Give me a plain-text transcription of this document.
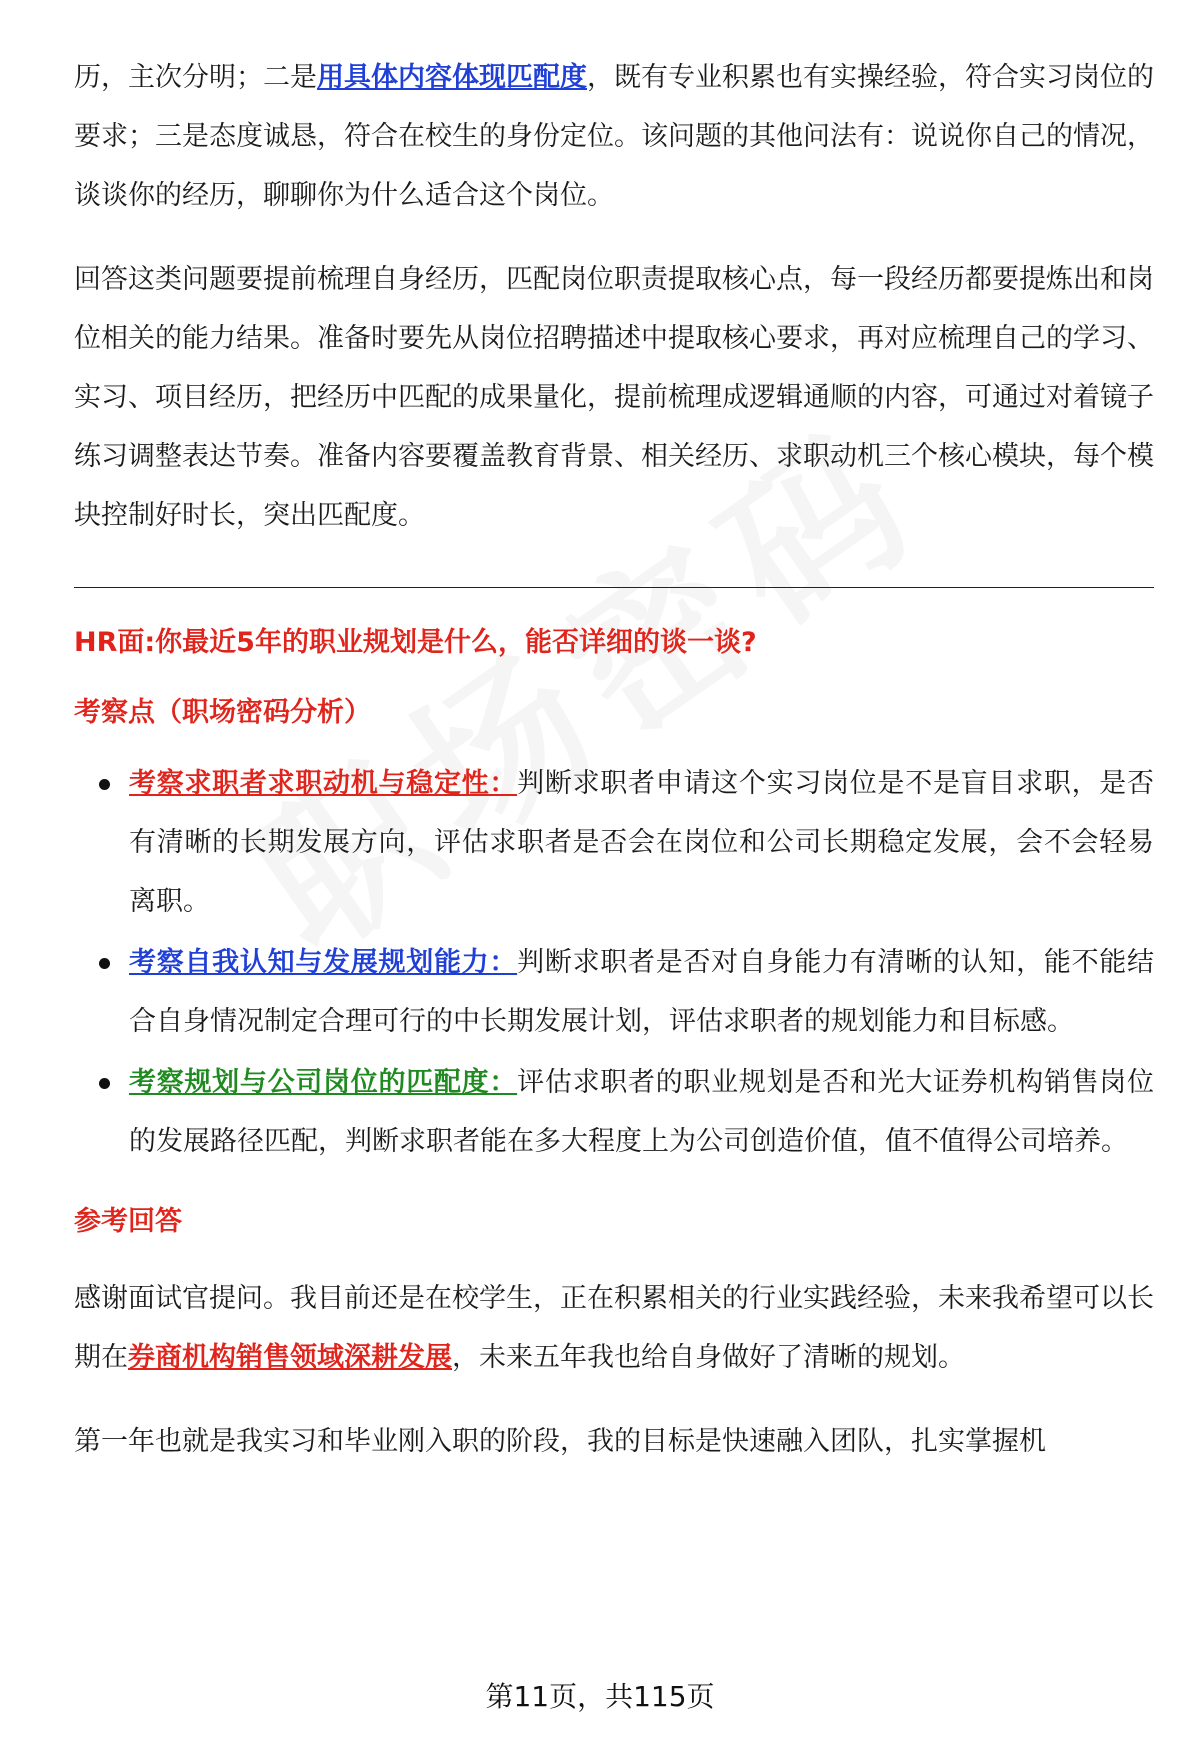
历，主次分明；二是用具体内容体现匹配度，既有专业积累也有实操经验，符合实习岗位的要求；三是态度诚恳，符合在校生的身份定位。该问题的其他问法有：说说你自己的情况，谈谈你的经历，聊聊你为什么适合这个岗位。

回答这类问题要提前梳理自身经历，匹配岗位职责提取核心点，每一段经历都要提炼出和岗位相关的能力结果。准备时要先从岗位招聘描述中提取核心要求，再对应梳理自己的学习、实习、项目经历，把经历中匹配的成果量化，提前梳理成逻辑通顺的内容，可通过对着镜子练习调整表达节奏。准备内容要覆盖教育背景、相关经历、求职动机三个核心模块，每个模块控制好时长，突出匹配度。

HR面:你最近5年的职业规划是什么，能否详细的谈一谈?

考察点（职场密码分析）

考察求职者求职动机与稳定性：判断求职者申请这个实习岗位是不是盲目求职，是否有清晰的长期发展方向，评估求职者是否会在岗位和公司长期稳定发展，会不会轻易离职。
考察自我认知与发展规划能力：判断求职者是否对自身能力有清晰的认知，能不能结合自身情况制定合理可行的中长期发展计划，评估求职者的规划能力和目标感。
考察规划与公司岗位的匹配度：评估求职者的职业规划是否和光大证券机构销售岗位的发展路径匹配，判断求职者能在多大程度上为公司创造价值，值不值得公司培养。

参考回答

感谢面试官提问。我目前还是在校学生，正在积累相关的行业实践经验，未来我希望可以长期在券商机构销售领域深耕发展，未来五年我也给自身做好了清晰的规划。

第一年也就是我实习和毕业刚入职的阶段，我的目标是快速融入团队，扎实掌握机

第11页，共115页
